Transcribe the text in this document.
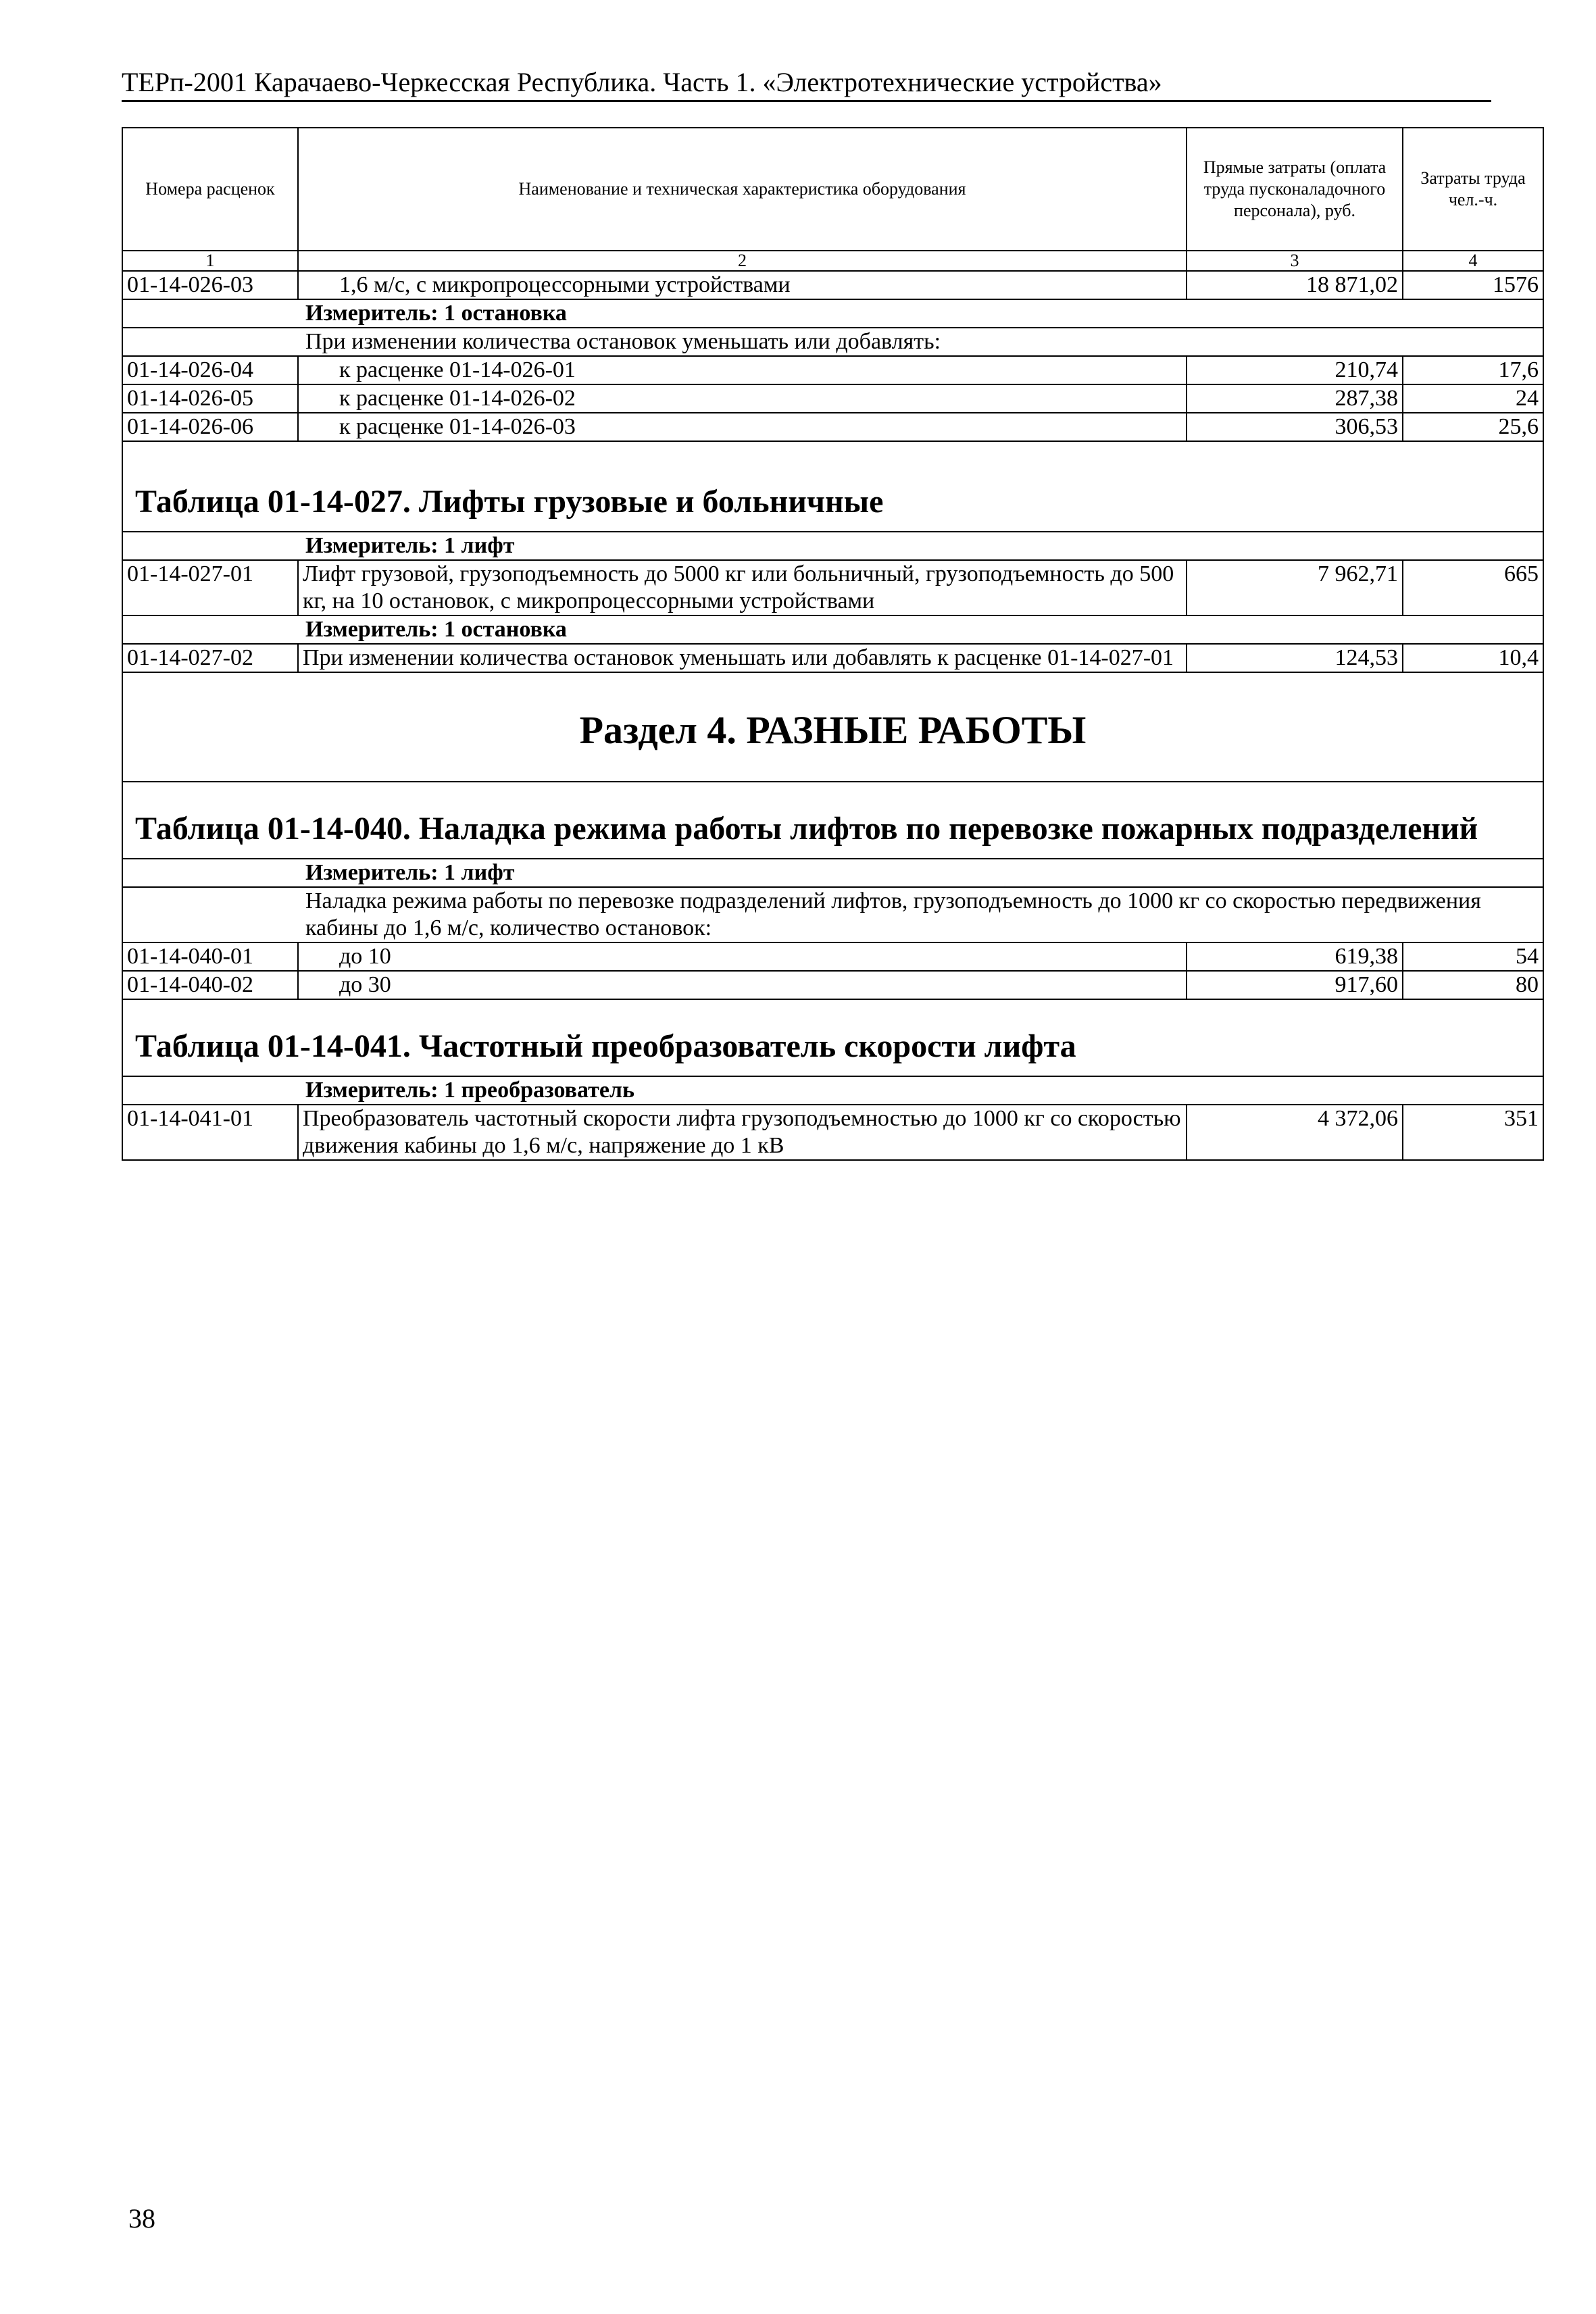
ТЕРп-2001 Карачаево-Черкесская Республика. Часть 1. «Электротехнические устройства»
Номера расценок	Наименование и техническая характеристика оборудования	Прямые затраты (оплата труда пусконаладочного персонала), руб.	Затраты труда чел.-ч.
1	2	3	4
01-14-026-03	1,6 м/с, с микропроцессорными устройствами	18 871,02	1576
Измеритель: 1 остановка			
При изменении количества остановок уменьшать или добавлять:			
01-14-026-04	к расценке 01-14-026-01	210,74	17,6
01-14-026-05	к расценке 01-14-026-02	287,38	24
01-14-026-06	к расценке 01-14-026-03	306,53	25,6
Таблица 01-14-027. Лифты грузовые и больничные			
Измеритель: 1 лифт			
01-14-027-01	Лифт грузовой, грузоподъемность до 5000 кг или больничный, грузоподъемность до 500 кг, на 10 остановок, с микропроцессорными устройствами	7 962,71	665
Измеритель: 1 остановка			
01-14-027-02	При изменении количества остановок уменьшать или добавлять к расценке 01-14-027-01	124,53	10,4
Раздел 4. РАЗНЫЕ РАБОТЫ			
Таблица 01-14-040. Наладка режима работы лифтов по перевозке пожарных подразделений			
Измеритель: 1 лифт			
Наладка режима работы по перевозке подразделений лифтов, грузоподъемность до 1000 кг со скоростью передвижения кабины до 1,6 м/с, количество остановок:			
01-14-040-01	до 10	619,38	54
01-14-040-02	до 30	917,60	80
Таблица 01-14-041. Частотный преобразователь скорости лифта			
Измеритель: 1 преобразователь			
01-14-041-01	Преобразователь частотный скорости лифта грузоподъемностью до 1000 кг со скоростью движения кабины до 1,6 м/с, напряжение до 1 кВ	4 372,06	351
38
